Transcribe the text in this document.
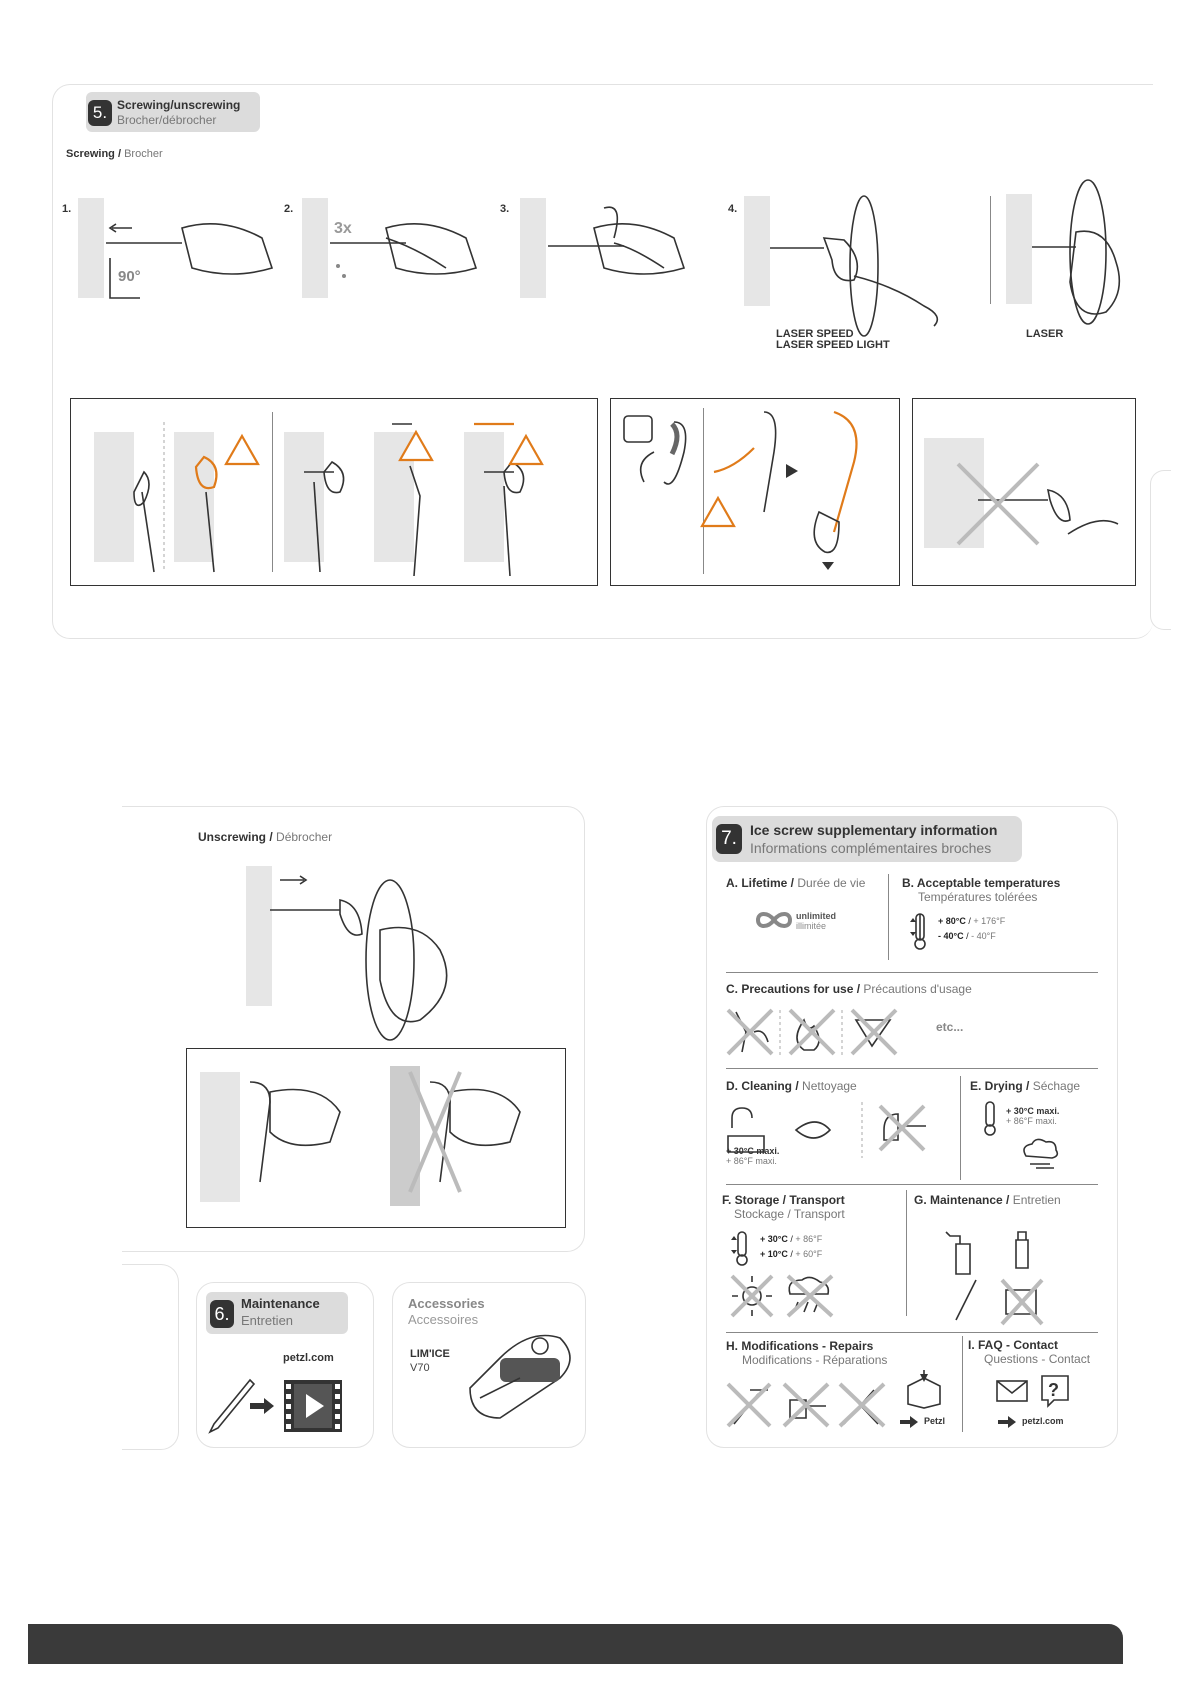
5. Screwing/unscrewing
Brocher/débrocher
Screwing / Brocher
1.	2.	3.	4.
90°
3x
LASER SPEED
LASER SPEED LIGHT
LASER
Unscrewing / Débrocher
6.
Maintenance
Entretien
petzl.com
Accessories
Accessoires
LIM'ICE
V70
7. Ice screw supplementary information
Informations complémentaires broches
A. Lifetime / Durée de vie
unlimited
illimitée
B. Acceptable temperatures
Températures tolérées
+ 80°C / + 176°F
- 40°C / - 40°F
C. Precautions for use / Précautions d'usage
etc...
D. Cleaning / Nettoyage
+ 30°C maxi.
+ 86°F maxi.
E. Drying / Séchage
+ 30°C maxi.
+ 86°F maxi.
F. Storage / Transport
Stockage / Transport
+ 30°C / + 86°F
+ 10°C / + 60°F
G. Maintenance / Entretien
H. Modifications - Repairs
Modifications - Réparations
Petzl
I. FAQ - Contact
Questions - Contact
?
petzl.com
